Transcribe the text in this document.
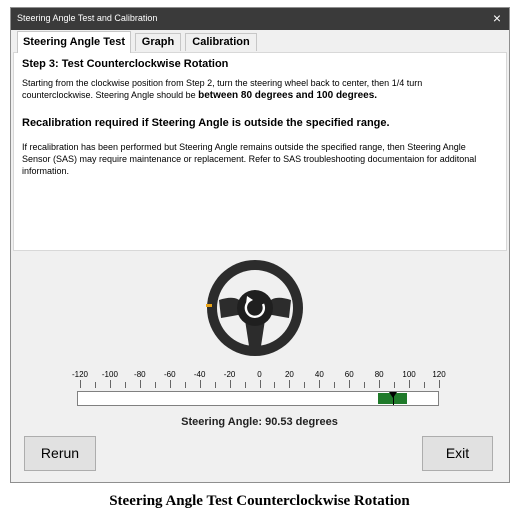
Steering Angle Test and Calibration	×
Steering Angle Test	Graph	Calibration
Step 3: Test Counterclockwise Rotation
Starting from the clockwise position from Step 2, turn the steering wheel back to center, then 1/4 turn counterclockwise. Steering Angle should be between 80 degrees and 100 degrees.
Recalibration required if Steering Angle is outside the specified range.
If recalibration has been performed but Steering Angle remains outside the specified range, then Steering Angle Sensor (SAS) may require maintenance or replacement. Refer to SAS troubleshooting documentaion for additonal information.
-120	-100	-80	-60	-40	-20	0	20	40	60	80	100	120
Steering Angle: 90.53 degrees
Rerun	Exit
Steering Angle Test Counterclockwise Rotation
